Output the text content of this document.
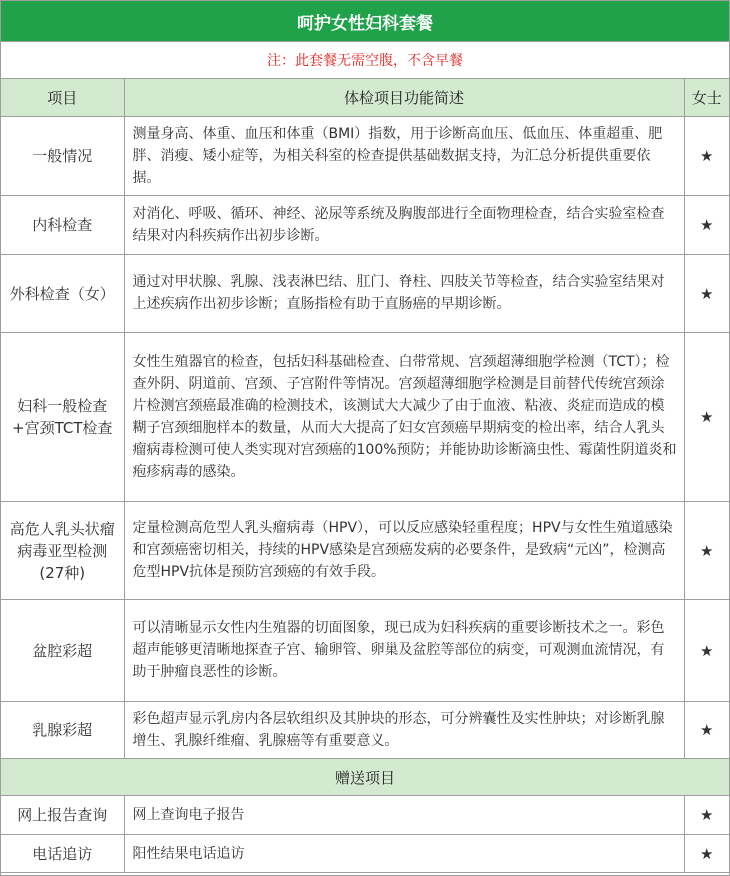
呵护女性妇科套餐
注：此套餐无需空腹，不含早餐
项目	体检项目功能简述	女士
一般情况	测量身高、体重、血压和体重（BMI）指数，用于诊断高血压、低血压、体重超重、肥胖、消瘦、矮小症等，为相关科室的检查提供基础数据支持，为汇总分析提供重要依据。	★
内科检查	对消化、呼吸、循环、神经、泌尿等系统及胸腹部进行全面物理检查，结合实验室检查结果对内科疾病作出初步诊断。	★
外科检查（女）	通过对甲状腺、乳腺、浅表淋巴结、肛门、脊柱、四肢关节等检查，结合实验室结果对上述疾病作出初步诊断；直肠指检有助于直肠癌的早期诊断。	★
妇科一般检查+宫颈TCT检查	女性生殖器官的检查，包括妇科基础检查、白带常规、宫颈超薄细胞学检测（TCT）；检查外阴、阴道前、宫颈、子宫附件等情况。宫颈超薄细胞学检测是目前替代传统宫颈涂片检测宫颈癌最准确的检测技术，该测试大大减少了由于血液、粘液、炎症而造成的模糊子宫颈细胞样本的数量，从而大大提高了妇女宫颈癌早期病变的检出率，结合人乳头瘤病毒检测可使人类实现对宫颈癌的100%预防；并能协助诊断滴虫性、霉菌性阴道炎和疱疹病毒的感染。	★
高危人乳头状瘤病毒亚型检测(27种)	定量检测高危型人乳头瘤病毒（HPV），可以反应感染轻重程度；HPV与女性生殖道感染和宫颈癌密切相关，持续的HPV感染是宫颈癌发病的必要条件，是致病“元凶”，检测高危型HPV抗体是预防宫颈癌的有效手段。	★
盆腔彩超	可以清晰显示女性内生殖器的切面图象，现已成为妇科疾病的重要诊断技术之一。彩色超声能够更清晰地探查子宫、输卵管、卵巢及盆腔等部位的病变，可观测血流情况，有助于肿瘤良恶性的诊断。	★
乳腺彩超	彩色超声显示乳房内各层软组织及其肿块的形态，可分辨囊性及实性肿块；对诊断乳腺增生、乳腺纤维瘤、乳腺癌等有重要意义。	★
赠送项目		
网上报告查询	网上查询电子报告	★
电话追访	阳性结果电话追访	★
